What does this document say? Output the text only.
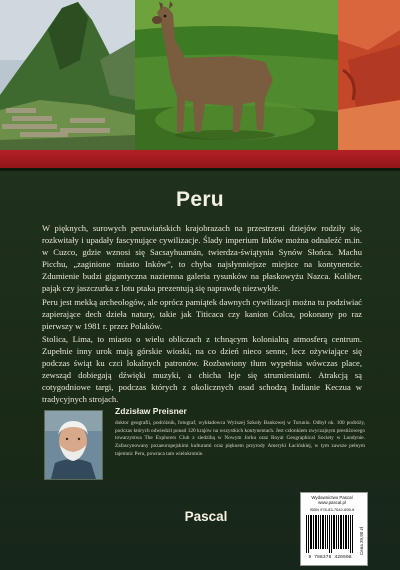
Peru

W pięknych, surowych peruwiańskich krajobrazach na przestrzeni dziejów rodziły się, rozkwitały i upadały fascynujące cywilizacje. Ślady imperium Inków można odnaleźć m.in. w Cuzco, gdzie wznosi się Sacsayhuamán, twierdza-świątynia Synów Słońca. Machu Picchu, „zaginione miasto Inków”, to chyba najsłynniejsze miejsce na kontynencie. Zdumienie budzi gigantyczna naziemna galeria rysunków na płaskowyżu Nazca. Koliber, pająk czy jaszczurka z lotu ptaka prezentują się naprawdę niezwykle.

Peru jest mekką archeologów, ale oprócz pamiątek dawnych cywilizacji można tu podziwiać zapierające dech dzieła natury, takie jak Titicaca czy kanion Colca, pokonany po raz pierwszy w 1981 r. przez Polaków.

Stolica, Lima, to miasto o wielu obliczach z tchnącym kolonialną atmosferą centrum. Zupełnie inny urok mają górskie wioski, na co dzień nieco senne, lecz ożywiające się podczas świąt ku czci lokalnych patronów. Rozbawiony tłum wypełnia wówczas place, zewsząd dobiegają dźwięki muzyki, a chicha leje się strumieniami. Atrakcją są cotygodniowe targi, podczas których z okolicznych osad schodzą Indianie Keczua w tradycyjnych strojach.

Zdzisław Preisner
doktor geografii, podróżnik, fotograf, wykładowca Wyższej Szkoły Bankowej w Toruniu. Odbył ok. 100 podróży, podczas których odwiedził ponad 120 krajów na wszystkich kontynentach. Jest członkiem zwyczajnym prestiżowego towarzystwa The Explorers Club z siedzibą w Nowym Jorku oraz Royal Geographical Society w Londynie. Zafascynowany pozaeuropejskimi kulturami oraz pięknem przyrody Ameryki Łacińskiej, w tym zawsze pełnym tajemnic Peru, powraca tam wielokrotnie.
Pascal
Wydawnictwo Pascal
www.pascal.pl
ISBN 978-83-7642-659-8
9 788376 426598
Cena 39,90 zł
